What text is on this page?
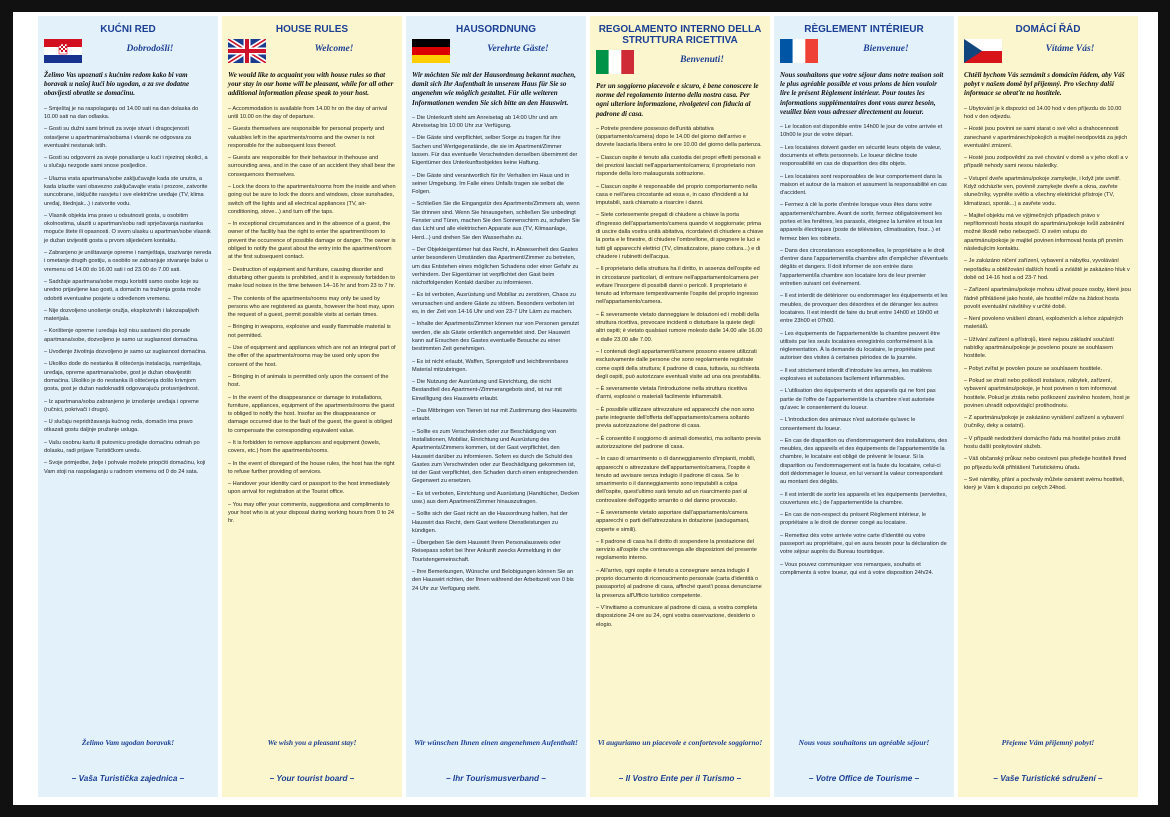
KUĆNI RED
Dobrodošli!
Želimo Vas upoznati s kućnim redom kako bi vam boravak u našoj kući bio ugodan, a za sve dodatne obavijesti obratite se domaćinu.
– Smještaj je na raspolaganju od 14.00 sati na dan dolaska do 10.00 sati na dan odlaska.
– Gosti su dužni sami brinuti za svoje stvari i dragocjenosti ostavljene u apartmanima/sobama i vlasnik ne odgovara za eventualni nestanak istih.
– Gosti su odgovorni za svoje ponašanje u kući i njezinoj okolici, a u slučaju nezgode sami snose posljedice.
– Ulazna vrata apartmana/sobe zaključavajte kada ste unutra, a kada izlazite vani obavezno zaključavajte vrata i prozore, zatvorite suncobrane, isključite rasvjetu i sve električne uređaje (TV, klima uređaj, štednjak...) i zatvorite vodu.
– Vlasnik objekta ima pravo u odsutnosti gosta, u osobitim okolnostima, ulaziti u apartman/sobu radi sprječavanja nastanka moguće štete ili opasnosti. O svom ulasku u apartman/sobe vlasnik je dužan izvijestiti gosta u prvom slijedećem kontaktu.
– Zabranjeno je uništavanje opreme i namještaja, izazivanje nereda i ometanje drugih gostiju, a osobito se zabranjuje stvaranje buke u vremenu od 14.00 do 16.00 sati i od 23.00 do 7.00 sati.
– Sadržaje apartmana/sobe mogu koristiti samo osobe koje su uredno prijavljene kao gosti, a domaćin na traženja gosta može odobriti eventualne posjete u određenom vremenu.
– Nije dozvoljeno unošenje oružja, eksplozivnih i lakozapaljivih materijala.
– Korištenje opreme i uređaja koji nisu sastavni dio ponude apartmana/sobe, dozvoljeno je samo uz suglasnost domaćina.
– Uvođenje životinja dozvoljeno je samo uz suglasnost domaćina.
– Ukoliko dođe do nestanka ili oštećenja instalacija, namještaja, uređaja, opreme apartmana/sobe, gost je dužan obavijestiti domaćina. Ukoliko je do nestanka ili oštećenja došlo krivnjom gosta, gost je dužan nadoknaditi odgovarajuću protuvrijednost.
– Iz apartmana/soba zabranjeno je iznošenje uređaja i opreme (ručnici, pokrivači i drugo).
– U slučaju nepridržavanja kućnog reda, domaćin ima pravo otkazati gostu daljnje pružanje usluga.
– Vašu osobnu kartu ili putovnicu predajte domaćinu odmah po dolasku, radi prijave Turističkom uredu.
– Svoje primjedbe, želje i pohvale možete priopćiti domaćinu, koji Vam stoji na raspolaganju u radnom vremenu od 0 do 24 sata.
Želimo Vam ugodan boravak!
– Vaša Turistička zajednica –
HOUSE RULES
Welcome!
We would like to acquaint you with house rules so that your stay in our home will be pleasant, while for all other additional information please speak to your host.
– Accommodation is available from 14.00 hr on the day of arrival until 10.00 on the day of departure.
– Guests themselves are responsible for personal property and valuables left in the apartments/rooms and the owner is not responsible for the subsequent loss thereof.
– Guests are responsible for their behaviour in thehouse and surrounding area, and in the case of an accident they shall bear the consequences themselves.
– Lock the doors to the apartments/rooms from the inside and when going out be sure to lock the doors and windows, close sunshades, switch off the lights and all electrical appliances (TV, air-conditioning, stove...) and turn off the taps.
– In exceptional circumstances and in the absence of a guest, the owner of the facility has the right to enter the apartment/room to prevent the occurrence of possible damage or danger. The owner is obliged to notify the guest about the entry into the apartment/room at the first subsequent contact.
– Destruction of equipment and furniture, causing disorder and disturbing other guests is prohibited, and it is expressly forbidden to make loud noises in the time between 14–16 hr and from 23 to 7 hr.
– The contents of the apartments/rooms may only be used by persons who are registered as guests, however the host may, upon the request of a guest, permit possible visits at certain times.
– Bringing in weapons, explosive and easily flammable material is not permitted.
– Use of equipment and appliances which are not an integral part of the offer of the apartments/rooms may be used only upon the consent of the host.
– Bringing in of animals is permitted only upon the consent of the host.
– In the event of the disappearance or damage to installations, furniture, appliances, equipment of the apartments/rooms the guest is obliged to notify the host. Insofar as the disappearance or damage occurred due to the fault of the guest, the guest is obliged to compensate the corresponding equivalent value.
– It is forbidden to remove appliances and equipment (towels, covers, etc.) from the apartments/rooms.
– In the event of disregard of the house rules, the host has the right to refuse further providing of services.
– Handover your identity card or passport to the host immediately upon arrival for registration at the Tourist office.
– You may offer your comments, suggestions and compliments to your host who is at your disposal during working hours from 0 to 24 hr.
We wish you a pleasant stay!
– Your tourist board –
HAUSORDNUNG
Verehrte Gäste!
Wir möchten Sie mit der Hausordnung bekannt machen, damit sich Ihr Aufenthalt in unserem Haus für Sie so angenehm wie möglich gestaltet. Für alle weiteren Informationen wenden Sie sich bitte an den Hauswirt.
– Die Unterkunft steht am Anreisetag ab 14:00 Uhr und am Abreisetag bis 10:00 Uhr zur Verfügung.
– Die Gäste sind verpflichtet, selber Sorge zu tragen für ihre Sachen und Wertgegenstände, die sie im Apartment/Zimmer lassen. Für das eventuelle Verschwinden derselben übernimmt der Eigentümer des Unterkunftsobjektes keine Haftung.
– Die Gäste sind verantwortlich für ihr Verhalten im Haus und in seiner Umgebung. Im Falle eines Unfalls tragen sie selbst die Folgen.
– Schließen Sie die Eingangstür des Apartments/Zimmers ab, wenn Sie drinnen sind. Wenn Sie hinausgehen, schließen Sie unbedingt Fenster und Türen, machen Sie den Sonnenschirm zu, schalten Sie das Licht und alle elektrischen Apparate aus (TV, Klimaanlage, Herd...) und drehen Sie den Wasserhahn zu.
– Der Objekteigentümer hat das Recht, in Abwesenheit des Gastes unter besonderen Umständen das Apartment/Zimmer zu betreten, um das Entstehen eines möglichen Schadens oder einer Gefahr zu verhindern. Der Eigentümer ist verpflichtet den Gast beim nächstfolgenden Kontakt darüber zu informieren.
– Es ist verboten, Ausrüstung und Mobiliar zu zerstören, Chaos zu verursachen und andere Gäste zu stören. Besonders verboten ist es, in der Zeit von 14-16 Uhr und von 23-7 Uhr Lärm zu machen.
– Inhalte der Apartments/Zimmer können nur von Personen genutzt werden, die als Gäste ordentlich angemeldet sind. Der Hauswirt kann auf Ersuchen des Gastes eventuelle Besuche zu einer bestimmten Zeit genehmigen.
– Es ist nicht erlaubt, Waffen, Sprengstoff und leichtbrennbares Material mitzubringen.
– Die Nutzung der Ausrüstung und Einrichtung, die nicht Bestandteil des Apartment-/Zimmerangebots sind, ist nur mit Einwilligung des Hauswirts erlaubt.
– Das Mitbringen von Tieren ist nur mit Zustimmung des Hauswirts erlaubt.
– Sollte es zum Verschwinden oder zur Beschädigung von Installationen, Mobiliar, Einrichtung und Ausrüstung des Apartments/Zimmers kommen, ist der Gast verpflichtet, den Hauswirt darüber zu informieren. Sofern es durch die Schuld des Gastes zum Verschwinden oder zur Beschädigung gekommen ist, ist der Gast verpflichtet, den Schaden durch einen entsprechenden Gegenwert zu ersetzen.
– Es ist verboten, Einrichtung und Ausrüstung (Handtücher, Decken usw.) aus dem Apartment/Zimmer hinauszutragen.
– Sollte sich der Gast nicht an die Hausordnung halten, hat der Hauswirt das Recht, dem Gast weitere Dienstleistungen zu kündigen.
– Übergeben Sie dem Hauswirt Ihren Personalausweis oder Reisepass sofort bei Ihrer Ankunft zwecks Anmeldung in der Touristengemeinschaft.
– Ihre Bemerkungen, Wünsche und Belobigungen können Sie an den Hauswirt richten, der Ihnen während der Arbeitszeit von 0 bis 24 Uhr zur Verfügung steht.
Wir wünschen Ihnen einen angenehmen Aufenthalt!
– Ihr Tourismusverband –
REGOLAMENTO INTERNO DELLA STRUTTURA RICETTIVA
Benvenuti!
Per un soggiorno piacevole e sicuro, è bene conoscere le norme del regolamento interno della nostra casa. Per ogni ulteriore informazione, rivolgetevi con fiducia al padrone di casa.
– Potrete prendere possesso dell'unità abitativa (appartamento/camera) dopo le 14.00 del giorno dell'arrivo e dovrete lasciarla libera entro le ore 10.00 del giorno della partenza.
– Ciascun ospite è tenuto alla custodia dei propri effetti personali e dei preziosi lasciati nell'appartamento/camera; il proprietario non risponde della loro malaugurata sottrazione.
– Ciascun ospite è responsabile del proprio comportamento nella casa e nell'area circostante ad essa e, in caso d'incidenti a lui imputabili, sarà chiamato a risarcire i danni.
– Siete cortesemente pregati di chiudere a chiave la porta d'ingresso dell'appartamento/camera quando vi soggiornate; prima di uscire dalla vostra unità abitativa, ricordatevi di chiudere a chiave la porta e le finestre, di chiudere l'ombrellone, di spegnere le luci e tutti gli apparecchi elettrici (TV, climatizzatore, piano cottura...) e di chiudere i rubinetti dell'acqua.
– Il proprietario della struttura ha il diritto, in assenza dell'ospite ed in circostanze particolari, di entrare nell'appartamento/camera per evitare l'insorgere di possibili danni o pericoli. Il proprietario è tenuto ad informare tempestivamente l'ospite del proprio ingresso nell'appartamento/camera.
– È severamente vietato danneggiare le dotazioni ed i mobili della struttura ricettiva, provocare incidenti o disturbare la quiete degli altri ospiti; è vietato qualsiasi rumore molesto dalle 14.00 alle 16.00 e dalle 23.00 alle 7.00.
– I contenuti degli appartamenti/camere possono essere utilizzati esclusivamente dalle persone che sono regolarmente registrate come ospiti della struttura; il padrone di casa, tuttavia, su richiesta degli ospiti, può autorizzare eventuali visite ad una ora prestabilita.
– È severamente vietata l'introduzione nella struttura ricettiva d'armi, esplosivi o materiali facilmente infiammabili.
– È possibile utilizzare attrezzature ed apparecchi che non sono parte integrante dell'offerta dell'appartamento/camera soltanto previa autorizzazione del padrone di casa.
– È consentito il soggiorno di animali domestici, ma soltanto previa autorizzazione del padrone di casa.
– In caso di smarrimento o di danneggiamento d'impianti, mobili, apparecchi o attrezzature dell'appartamento/camera, l'ospite è tenuto ad avvisare senza indugio il padrone di casa. Se lo smarrimento o il danneggiamento sono imputabili a colpa dell'ospite, quest'ultimo sarà tenuto ad un risarcimento pari al controvalore dell'oggetto smarrito o del danno provocato.
– È severamente vietato asportare dall'appartamento/camera apparecchi o parti dell'attrezzatura in dotazione (asciugamani, coperte e simili).
– Il padrone di casa ha il diritto di sospendere la prestazione del servizio all'ospite che contravvenga alle disposizioni del presente regolamento interno.
– All'arrivo, ogni ospite è tenuto a consegnare senza indugio il proprio documento di riconoscimento personale (carta d'identità o passaporto) al padrone di casa, affinché quest'i possa denunciarne la presenza all'Ufficio turistico competente.
– V'invitiamo a comunicare al padrone di casa, a vostra completa disposizione 24 ore su 24, ogni vostra osservazione, desiderio o elogio.
Vi auguriamo un piacevole e confortevole soggiorno!
– Il Vostro Ente per il Turismo –
RÈGLEMENT INTÉRIEUR
Bienvenue!
Nous souhaitons que votre séjour dans notre maison soit le plus agréable possible et vous prions de bien vouloir lire le présent Règlement intérieur. Pour toutes les informations supplémentaires dont vous aurez besoin, veuillez bien vous adresser directement au loueur.
– Le location est disponible entre 14h00 le jour de votre arrivée et 10h00 le jour de votre départ.
– Les locataires doivent garder en sécurité leurs objets de valeur, documents et effets personnels. Le loueur décline toute responsabilité en cas de disparition des dits objets.
– Les locataires sont responsables de leur comportement dans la maison et autour de la maison et assument la responsabilité en cas d'accident.
– Fermez à clé la porte d'entrée lorsque vous êtes dans votre appartement/chambre. Avant de sortir, fermez obligatoirement les portes et les fenêtres, les parasols, éteignez la lumière et tous les appareils électriques (poste de télévision, climatisation, four...) et fermez bien les robinets.
– Dans des circonstances exceptionnelles, le propriétaire a le droit d'entrer dans l'appartement/la chambre afin d'empêcher d'éventuels dégâts et dangers. Il doit informer de son entrée dans l'appartement/la chambre son locataire lors de leur premier entretien suivant cet événement.
– Il est interdit de détériorer ou endommager les équipements et les meubles, de provoquer des désordres et de déranger les autres locataires. Il est interdit de faire du bruit entre 14h00 et 16h00 et entre 23h00 et 07h00.
– Les équipements de l'appartement/de la chambre peuvent être utilisés par les seuls locataires enregistrés conformément à la réglementation. À la demande du locataire, le propriétaire peut autoriser des visites à certaines périodes de la journée.
– Il est strictement interdit d'introduire les armes, les matières explosives et substances facilement inflammables.
– L'utilisation des équipements et des appareils qui ne font pas partie de l'offre de l'appartement/de la chambre n'est autorisée qu'avec le consentement du loueur.
– L'introduction des animaux n'est autorisée qu'avec le consentement du loueur.
– En cas de disparition ou d'endommagement des installations, des meubles, des appareils et des équipements de l'appartement/de la chambre, le locataire est obligé de prévenir le loueur. Si la disparition ou l'endommagement est la faute du locataire, celui-ci doit dédommager le loueur, en lui versant la valeur correspondant au montant des dégâts.
– Il est interdit de sortir les appareils et les équipements (serviettes, couvertures etc.) de l'appartement/de la chambre.
– En cas de non-respect du présent Règlement intérieur, le propriétaire a le droit de donner congé au locataire.
– Remettez dès votre arrivée votre carte d'identité ou votre passeport au propriétaire, qui en aura besoin pour la déclaration de votre séjour auprès du Bureau touristique.
– Vous pouvez communiquer vos remarques, souhaits et compliments à votre loueur, qui est à votre disposition 24h/24.
Nous vous souhaitons un agréable séjour!
– Votre Office de Tourisme –
DOMÁCÍ ŘÁD
Vítáme Vás!
Chtěli bychom Vás seznámit s domácím řádem, aby Váš pobyt v našem domě byl příjemný. Pro všechny další informace se obraťte na hostitele.
– Ubytování je k dispozici od 14.00 hod v den příjezdu do 10.00 hod v den odjezdu.
– Hosté jsou povinni se sami starat o své věci a drahocennosti zanechané v apartmánech/pokojích a majitel neodpovídá za jejich eventuální zmizení.
– Hosté jsou zodpovědní za své chování v domě a v jeho okolí a v případě nehody sami nesou následky.
– Vstupní dveře apartmánu/pokoje zamykejte, i když jste uvnitř. Když odcházíte ven, povinně zamykejte dveře a okna, zavřete slunečníky, vypněte světlo a všechny elektrické přístroje (TV, klimatizaci, sporák...) a zavřete vodu.
– Majitel objektu má ve výjimečných případech právo v nepřítomnosti hosta stoupit do apartmánu/pokoje kvůli zabránění možné škodě nebo nebezpečí. O svém vstupu do apartmánu/pokoje je majitel povinen informovat hosta při prvním následujícím kontaktu.
– Je zakázáno ničení zařízení, vybavení a nábytku, vyvolávání nepořádku a obtěžování dalších hostů a zvláště je zakázáno hluk v době od 14-16 hod a od 23-7 hod.
– Zařízení apartmánu/pokoje mohou užívat pouze osoby, které jsou řádně přihlášené jako hosté, ale hostitel může na žádost hosta povolit eventuální návštěvy v určité době.
– Není povoleno vnášení zbraní, explozivních a lehce zápalných materiálů.
– Užívání zařízení a přístrojů, které nejsou základní součástí nabídky apartmánu/pokoje je povoleno pouze se souhlasem hostitele.
– Pobyt zvířat je povolen pouze se souhlasem hostitele.
– Pokud se ztratí nebo poškodí instalace, nábytek, zařízení, vybavení apartmánu/pokoje, je host povinen o tom informovat hostitele. Pokud je ztráta nebo poškození zaviněno hostem, host je povinen uhradit odpovídající protihodnotu.
– Z apartmánu/pokoje je zakázáno vynášení zařízení a vybavení (ručníky, deky a ostatní).
– V případě nedodržení domácího řádu má hostitel právo zrušit hostu další poskytování služeb.
– Váš občanský průkaz nebo cestovní pas předejte hostiteli ihned po příjezdu kvůli přihlášení Turistickému úřadu.
– Své námitky, přání a pochvaly můžete oznámit svému hostiteli, který je Vám k dispozici po celých 24hod.
Přejeme Vám příjemný pobyt!
– Vaše Turistické sdružení –
